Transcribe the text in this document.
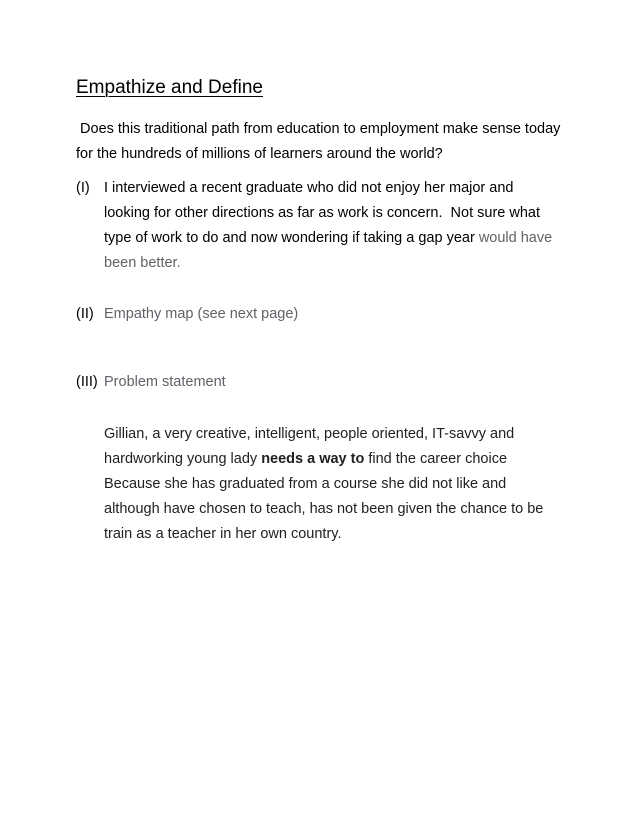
Empathize and Define
Does this traditional path from education to employment make sense today
for the hundreds of millions of learners around the world?
(I) I interviewed a recent graduate who did not enjoy her major and
looking for other directions as far as work is concern.  Not sure what
type of work to do and now wondering if taking a gap year would have
been better.
(II) Empathy map (see next page)
(III) Problem statement
Gillian, a very creative, intelligent, people oriented, IT-savvy and
hardworking young lady needs a way to find the career choice
Because she has graduated from a course she did not like and
although have chosen to teach, has not been given the chance to be
train as a teacher in her own country.
